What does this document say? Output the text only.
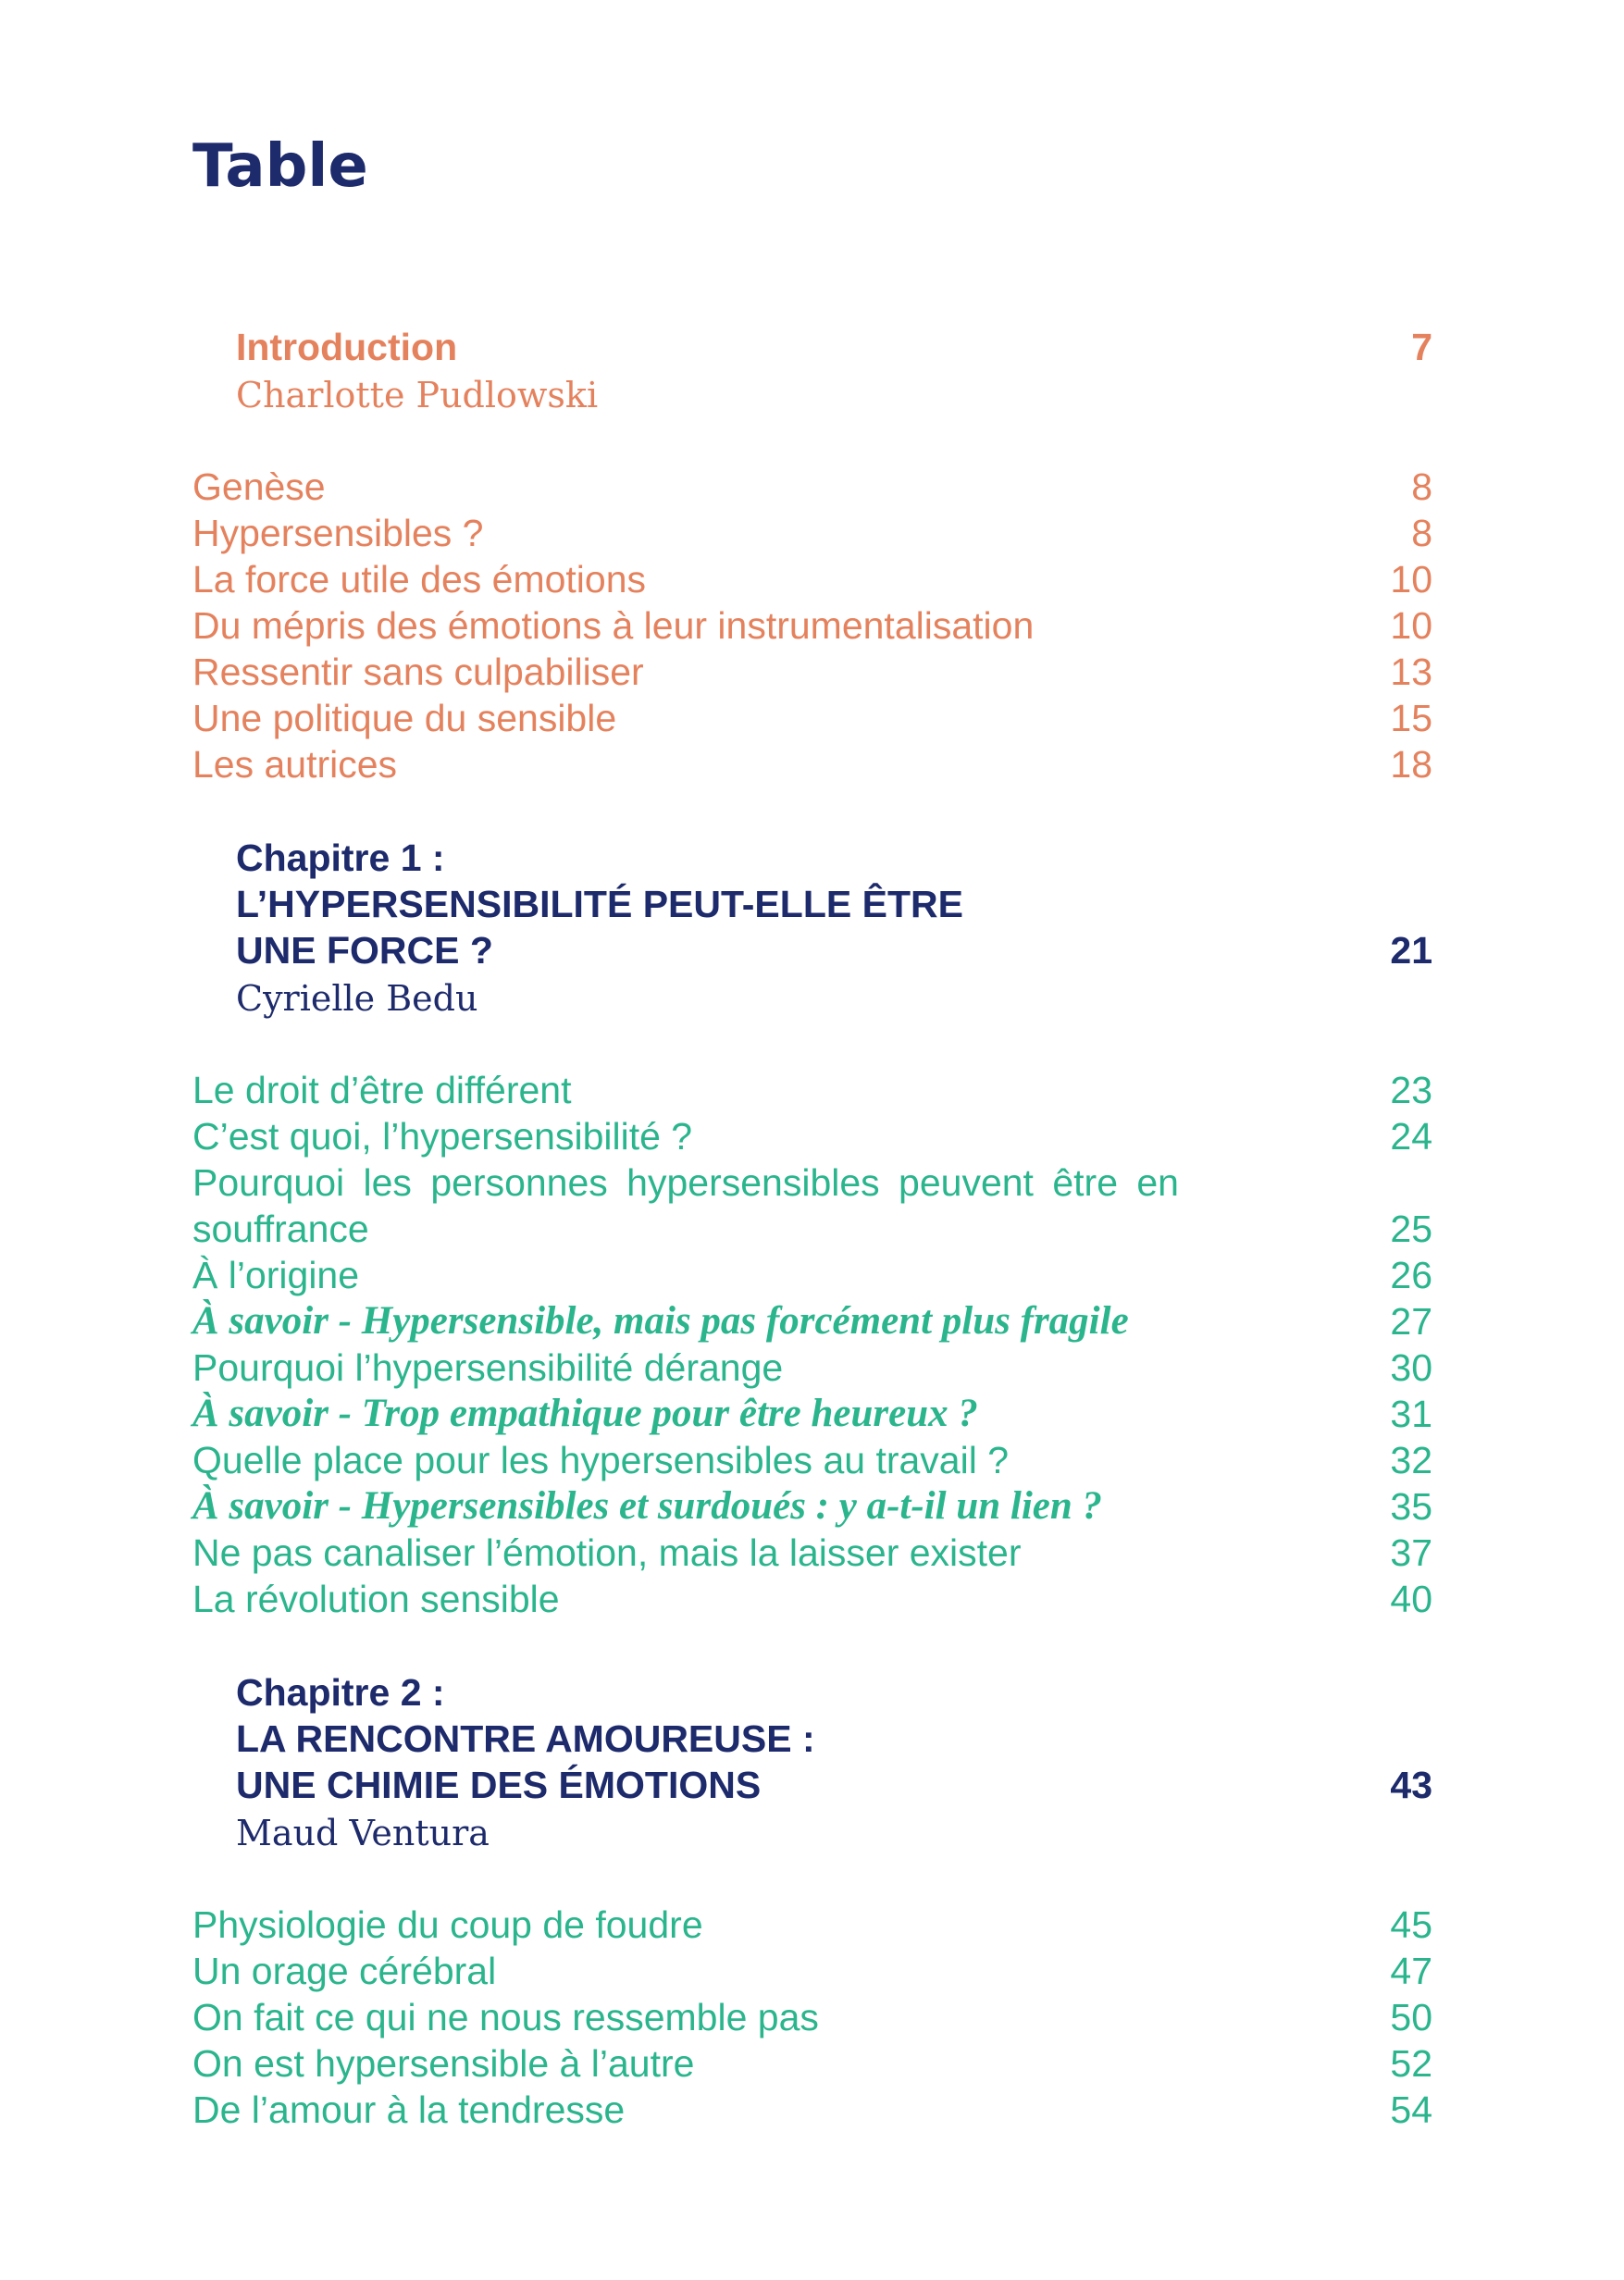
Table
Introduction	7
Charlotte Pudlowski
Genèse	8
Hypersensibles ?	8
La force utile des émotions	10
Du mépris des émotions à leur instrumentalisation	10
Ressentir sans culpabiliser	13
Une politique du sensible	15
Les autrices	18
Chapitre 1 :
L’HYPERSENSIBILITÉ PEUT-ELLE ÊTRE
UNE FORCE ?	21
Cyrielle Bedu
Le droit d’être différent	23
C’est quoi, l’hypersensibilité ?	24
Pourquoi les personnes hypersensibles peuvent être en
souffrance	25
À l’origine	26
À savoir - Hypersensible, mais pas forcément plus fragile	27
Pourquoi l’hypersensibilité dérange	30
À savoir - Trop empathique pour être heureux ?	31
Quelle place pour les hypersensibles au travail ?	32
À savoir - Hypersensibles et surdoués : y a-t-il un lien ?	35
Ne pas canaliser l’émotion, mais la laisser exister	37
La révolution sensible	40
Chapitre 2 :
LA RENCONTRE AMOUREUSE :
UNE CHIMIE DES ÉMOTIONS	43
Maud Ventura
Physiologie du coup de foudre	45
Un orage cérébral	47
On fait ce qui ne nous ressemble pas	50
On est hypersensible à l’autre	52
De l’amour à la tendresse	54
